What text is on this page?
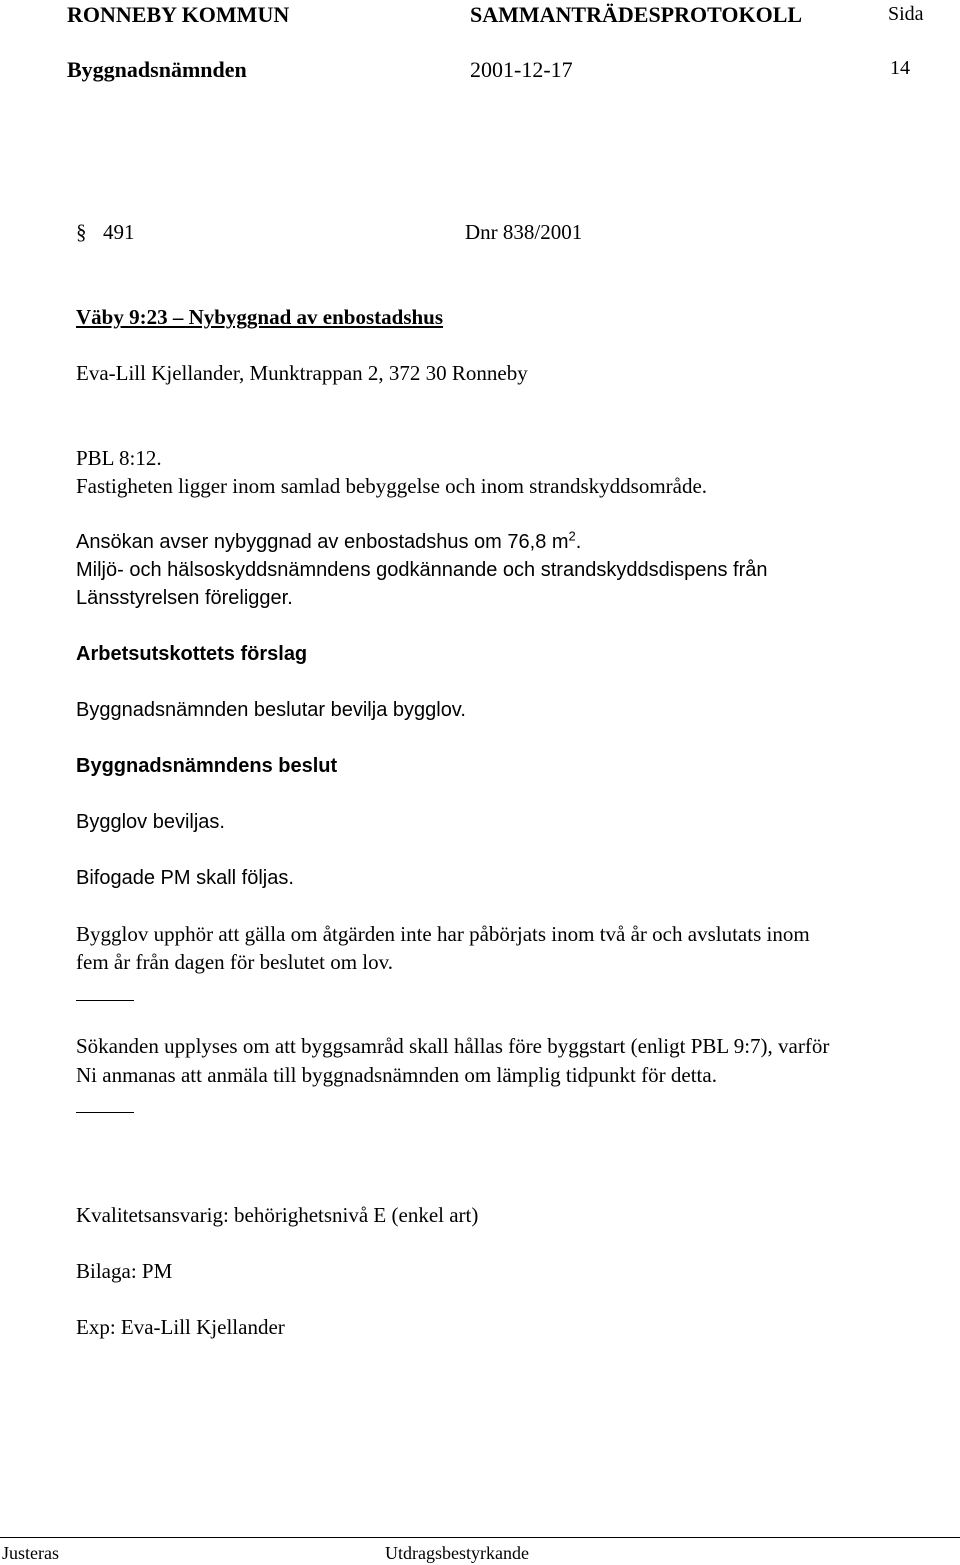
RONNEBY KOMMUN	SAMMANTRÄDESPROTOKOLL	Sida
Byggnadsnämnden	2001-12-17	14
§ 491	Dnr 838/2001
Väby 9:23 – Nybyggnad av enbostadshus
Eva-Lill Kjellander, Munktrappan 2, 372 30 Ronneby
PBL 8:12.
Fastigheten ligger inom samlad bebyggelse och inom strandskyddsområde.
Ansökan avser nybyggnad av enbostadshus om 76,8 $m^2$.
Miljö- och hälsoskyddsnämndens godkännande och strandskyddsdispens från
Länsstyrelsen föreligger.
Arbetsutskottets förslag
Byggnadsnämnden beslutar bevilja bygglov.
Byggnadsnämndens beslut
Bygglov beviljas.
Bifogade PM skall följas.
Bygglov upphör att gälla om åtgärden inte har påbörjats inom två år och avslutats inom
fem år från dagen för beslutet om lov.
Sökanden upplyses om att byggsamråd skall hållas före byggstart (enligt PBL 9:7), varför
Ni anmanas att anmäla till byggnadsnämnden om lämplig tidpunkt för detta.
Kvalitetsansvarig: behörighetsnivå E (enkel art)
Bilaga: PM
Exp: Eva-Lill Kjellander
Justeras	Utdragsbestyrkande
